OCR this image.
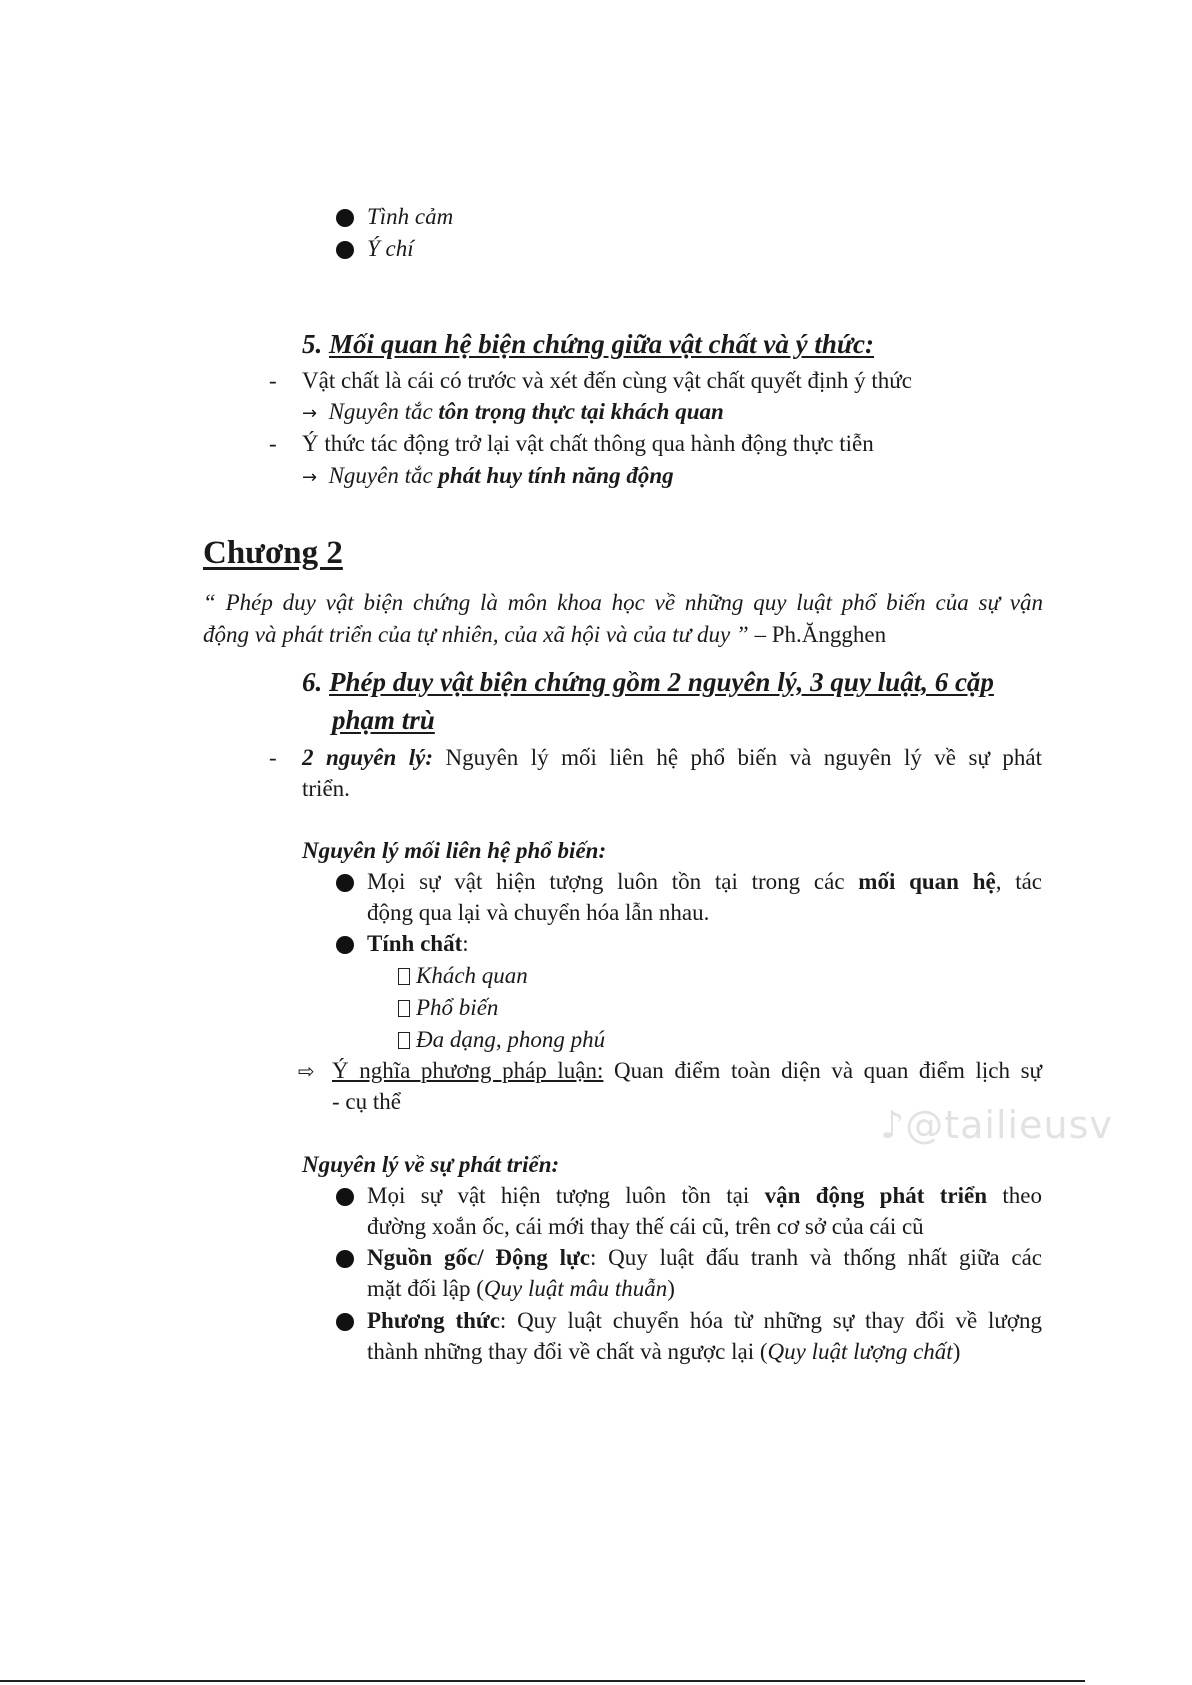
Tình cảm
Ý chí
5. Mối quan hệ biện chứng giữa vật chất và ý thức:
- Vật chất là cái có trước và xét đến cùng vật chất quyết định ý thức
→  Nguyên tắc tôn trọng thực tại khách quan
- Ý thức tác động trở lại vật chất thông qua hành động thực tiễn
→  Nguyên tắc phát huy tính năng động
Chương 2
“ Phép duy vật biện chứng là môn khoa học về những quy luật phổ biến của sự vận
động và phát triển của tự nhiên, của xã hội và của tư duy ” – Ph.Ăngghen
6. Phép duy vật biện chứng gồm 2 nguyên lý, 3 quy luật, 6 cặp
phạm trù
- 2 nguyên lý: Nguyên lý mối liên hệ phổ biến và nguyên lý về sự phát
triển.
Nguyên lý mối liên hệ phổ biến:
Mọi sự vật hiện tượng luôn tồn tại trong các mối quan hệ, tác
động qua lại và chuyển hóa lẫn nhau.
Tính chất:
Khách quan
Phổ biến
Đa dạng, phong phú
⇨ Ý nghĩa phương pháp luận: Quan điểm toàn diện và quan điểm lịch sự
- cụ thể
Nguyên lý về sự phát triển:
Mọi sự vật hiện tượng luôn tồn tại vận động phát triển theo
đường xoắn ốc, cái mới thay thế cái cũ, trên cơ sở của cái cũ
Nguồn gốc/ Động lực: Quy luật đấu tranh và thống nhất giữa các
mặt đối lập (Quy luật mâu thuẫn)
Phương thức: Quy luật chuyển hóa từ những sự thay đổi về lượng
thành những thay đổi về chất và ngược lại (Quy luật lượng chất)
♪@tailieusv
